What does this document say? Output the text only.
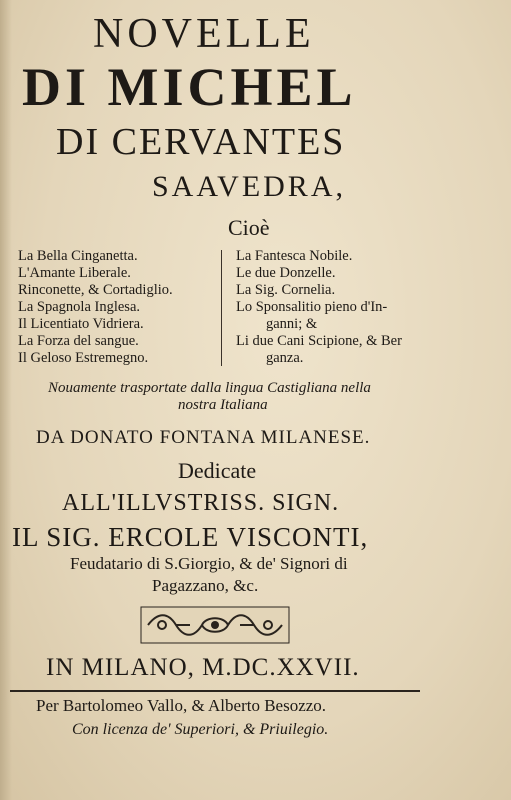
NOVELLE

DI MICHEL

DI CERVANTES

SAAVEDRA,

Cioè

La Bella Cinganetta.
L'Amante Liberale.
Rinconette, & Cortadiglio.
La Spagnola Inglesa.
Il Licentiato Vidriera.
La Forza del sangue.
Il Geloso Estremegno.
La Fantesca Nobile.
Le due Donzelle.
La Sig. Cornelia.
Lo Sponsalitio pieno d'In-
ganni; &
Li due Cani Scipione, & Ber
ganza.

Nouamente trasportate dalla lingua Castigliana nella

nostra Italiana

DA DONATO FONTANA MILANESE.

Dedicate

ALL'ILLVSTRISS. SIGN.

IL SIG. ERCOLE VISCONTI,

Feudatario di S.Giorgio, & de' Signori di

Pagazzano, &c.

IN MILANO, M.DC.XXVII.

Per Bartolomeo Vallo, & Alberto Besozzo.

Con licenza de' Superiori, & Priuilegio.
